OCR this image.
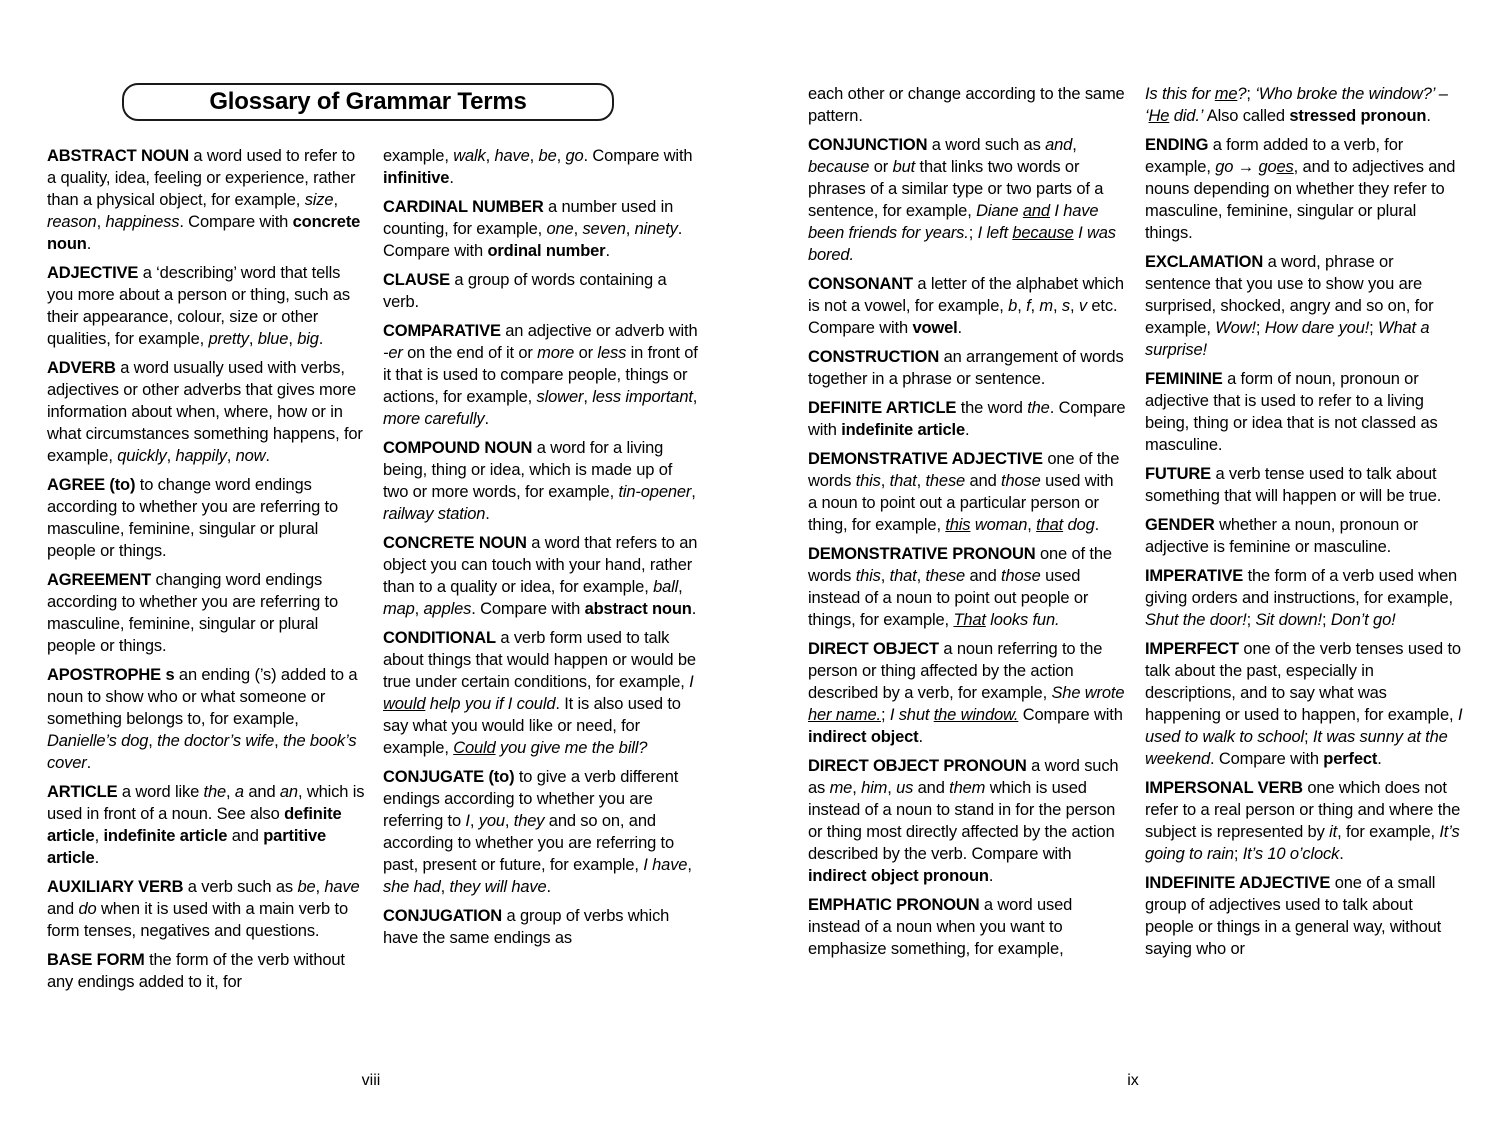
Glossary of Grammar Terms

ABSTRACT NOUN a word used to refer to a quality, idea, feeling or experience, rather than a physical object, for example, size, reason, happiness. Compare with concrete noun.

ADJECTIVE a ‘describing’ word that tells you more about a person or thing, such as their appearance, colour, size or other qualities, for example, pretty, blue, big.

ADVERB a word usually used with verbs, adjectives or other adverbs that gives more information about when, where, how or in what circumstances something happens, for example, quickly, happily, now.

AGREE (to) to change word endings according to whether you are referring to masculine, feminine, singular or plural people or things.

AGREEMENT changing word endings according to whether you are referring to masculine, feminine, singular or plural people or things.

APOSTROPHE s an ending (’s) added to a noun to show who or what someone or something belongs to, for example, Danielle’s dog, the doctor’s wife, the book’s cover.

ARTICLE a word like the, a and an, which is used in front of a noun. See also definite article, indefinite article and partitive article.

AUXILIARY VERB a verb such as be, have and do when it is used with a main verb to form tenses, negatives and questions.

BASE FORM the form of the verb without any endings added to it, for

example, walk, have, be, go. Compare with infinitive.

CARDINAL NUMBER a number used in counting, for example, one, seven, ninety. Compare with ordinal number.

CLAUSE a group of words containing a verb.

COMPARATIVE an adjective or adverb with -er on the end of it or more or less in front of it that is used to compare people, things or actions, for example, slower, less important, more carefully.

COMPOUND NOUN a word for a living being, thing or idea, which is made up of two or more words, for example, tin-opener, railway station.

CONCRETE NOUN a word that refers to an object you can touch with your hand, rather than to a quality or idea, for example, ball, map, apples. Compare with abstract noun.

CONDITIONAL a verb form used to talk about things that would happen or would be true under certain conditions, for example, I would help you if I could. It is also used to say what you would like or need, for example, Could you give me the bill?

CONJUGATE (to) to give a verb different endings according to whether you are referring to I, you, they and so on, and according to whether you are referring to past, present or future, for example, I have, she had, they will have.

CONJUGATION a group of verbs which have the same endings as

viii

each other or change according to the same pattern.

CONJUNCTION a word such as and, because or but that links two words or phrases of a similar type or two parts of a sentence, for example, Diane and I have been friends for years.; I left because I was bored.

CONSONANT a letter of the alphabet which is not a vowel, for example, b, f, m, s, v etc. Compare with vowel.

CONSTRUCTION an arrangement of words together in a phrase or sentence.

DEFINITE ARTICLE the word the. Compare with indefinite article.

DEMONSTRATIVE ADJECTIVE one of the words this, that, these and those used with a noun to point out a particular person or thing, for example, this woman, that dog.

DEMONSTRATIVE PRONOUN one of the words this, that, these and those used instead of a noun to point out people or things, for example, That looks fun.

DIRECT OBJECT a noun referring to the person or thing affected by the action described by a verb, for example, She wrote her name.; I shut the window. Compare with indirect object.

DIRECT OBJECT PRONOUN a word such as me, him, us and them which is used instead of a noun to stand in for the person or thing most directly affected by the action described by the verb. Compare with indirect object pronoun.

EMPHATIC PRONOUN a word used instead of a noun when you want to emphasize something, for example,

Is this for me?; ‘Who broke the window?’ – ‘He did.’ Also called stressed pronoun.

ENDING a form added to a verb, for example, go → goes, and to adjectives and nouns depending on whether they refer to masculine, feminine, singular or plural things.

EXCLAMATION a word, phrase or sentence that you use to show you are surprised, shocked, angry and so on, for example, Wow!; How dare you!; What a surprise!

FEMININE a form of noun, pronoun or adjective that is used to refer to a living being, thing or idea that is not classed as masculine.

FUTURE a verb tense used to talk about something that will happen or will be true.

GENDER whether a noun, pronoun or adjective is feminine or masculine.

IMPERATIVE the form of a verb used when giving orders and instructions, for example, Shut the door!; Sit down!; Don’t go!

IMPERFECT one of the verb tenses used to talk about the past, especially in descriptions, and to say what was happening or used to happen, for example, I used to walk to school; It was sunny at the weekend. Compare with perfect.

IMPERSONAL VERB one which does not refer to a real person or thing and where the subject is represented by it, for example, It’s going to rain; It’s 10 o’clock.

INDEFINITE ADJECTIVE one of a small group of adjectives used to talk about people or things in a general way, without saying who or

ix
